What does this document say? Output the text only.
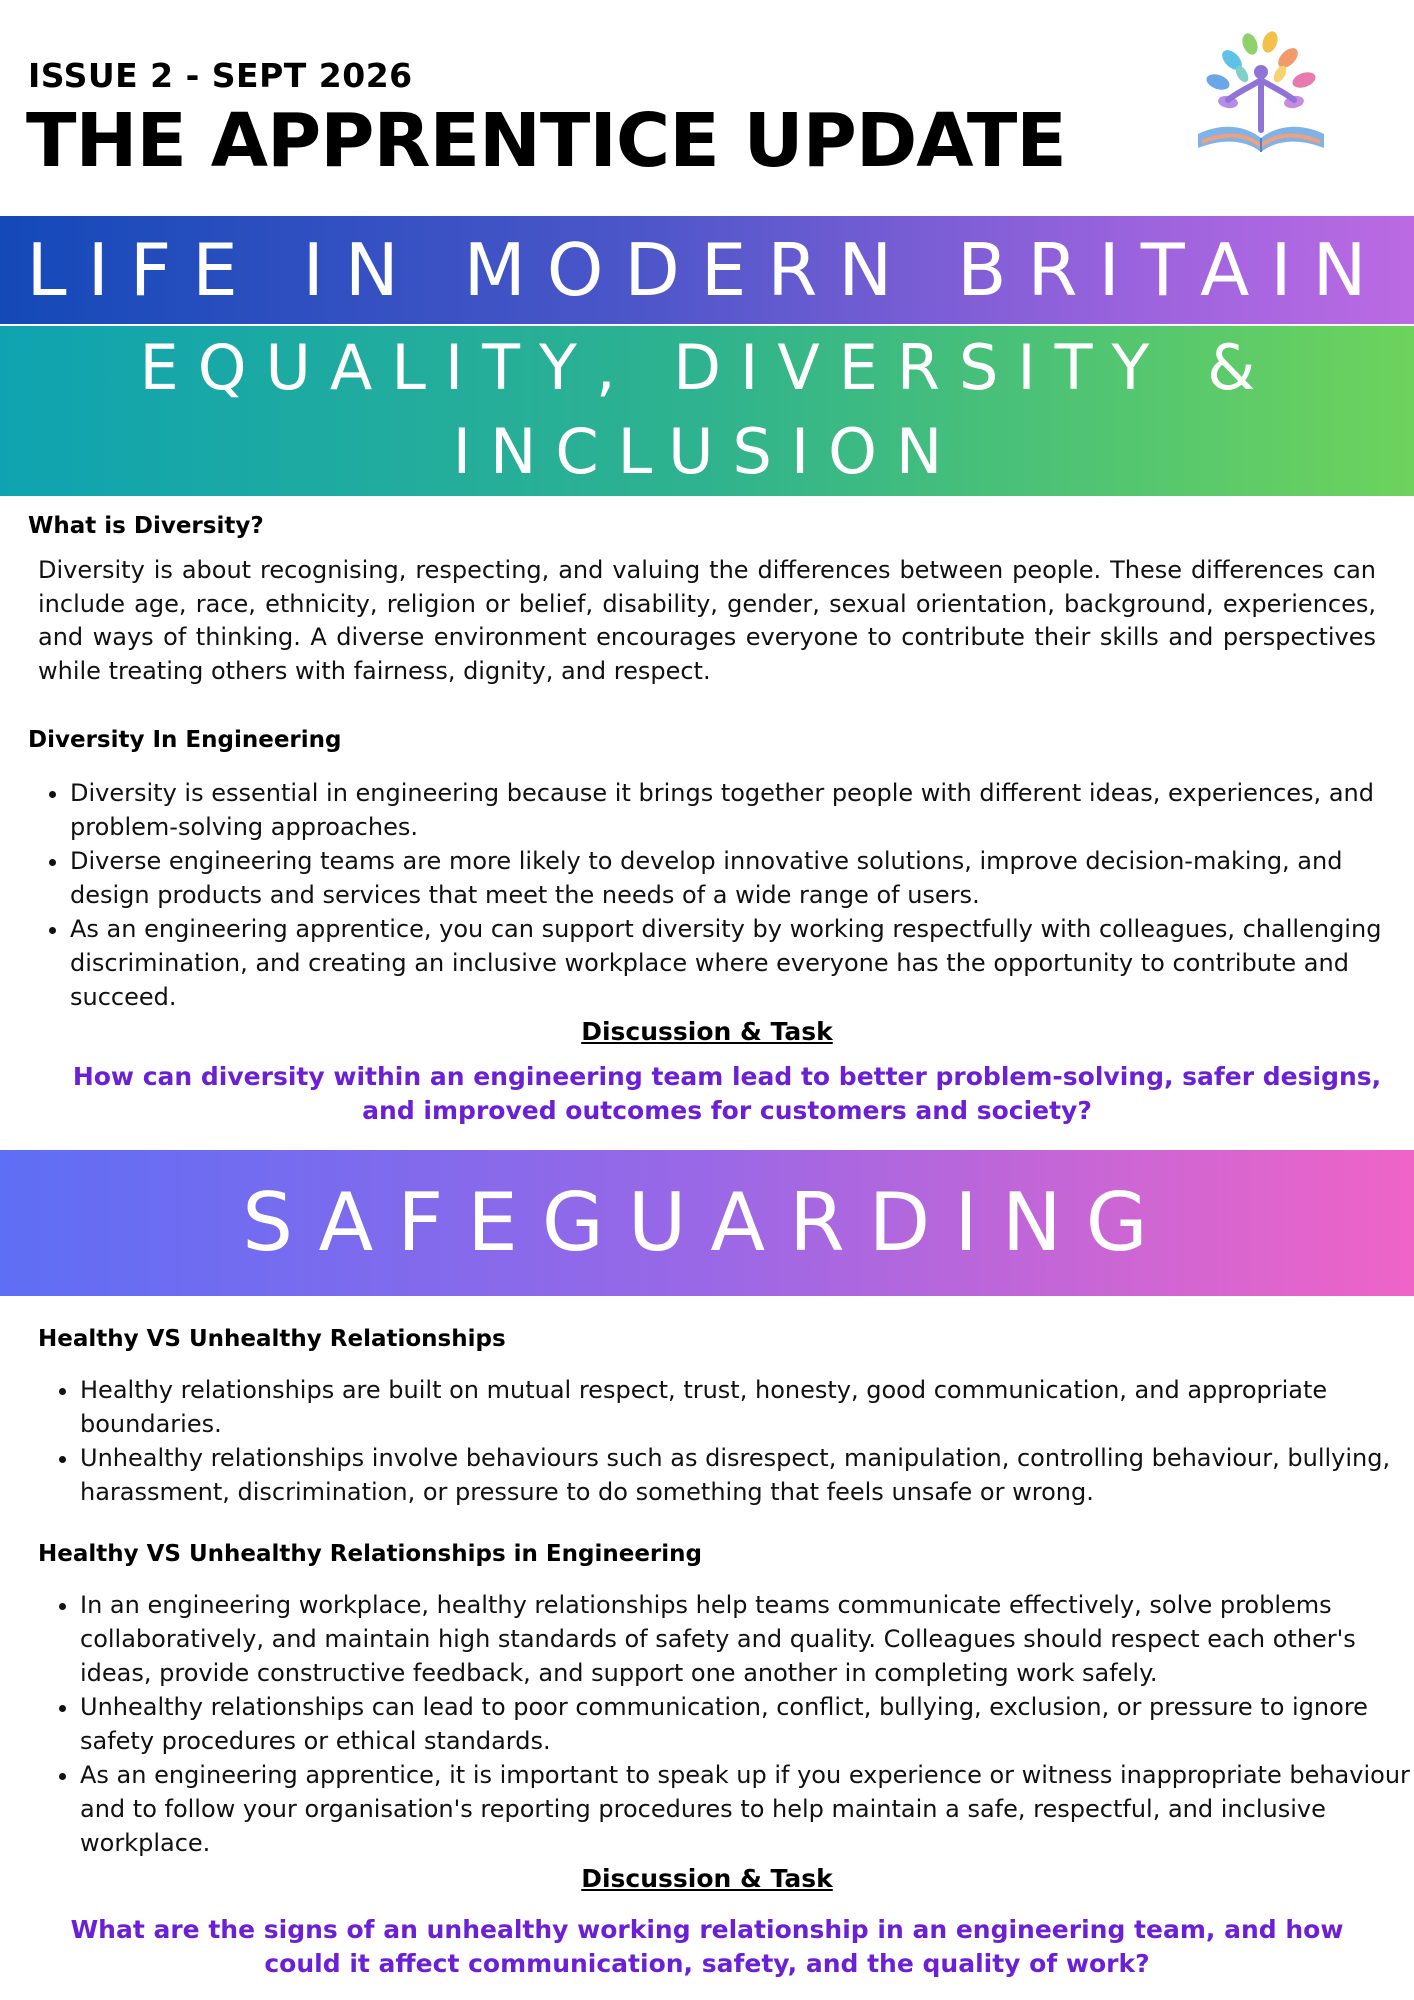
ISSUE 2 - SEPT 2026
THE APPRENTICE UPDATE
LIFE IN MODERN BRITAIN
EQUALITY, DIVERSITY &
INCLUSION
What is Diversity?
Diversity is about recognising, respecting, and valuing the differences between people. These differences can include age, race, ethnicity, religion or belief, disability, gender, sexual orientation, background, experiences, and ways of thinking. A diverse environment encourages everyone to contribute their skills and perspectives while treating others with fairness, dignity, and respect.
Diversity In Engineering
• Diversity is essential in engineering because it brings together people with different ideas, experiences, and problem-solving approaches.
• Diverse engineering teams are more likely to develop innovative solutions, improve decision-making, and design products and services that meet the needs of a wide range of users.
• As an engineering apprentice, you can support diversity by working respectfully with colleagues, challenging discrimination, and creating an inclusive workplace where everyone has the opportunity to contribute and succeed.
Discussion & Task
How can diversity within an engineering team lead to better problem-solving, safer designs, and improved outcomes for customers and society?
SAFEGUARDING
Healthy VS Unhealthy Relationships
• Healthy relationships are built on mutual respect, trust, honesty, good communication, and appropriate boundaries.
• Unhealthy relationships involve behaviours such as disrespect, manipulation, controlling behaviour, bullying, harassment, discrimination, or pressure to do something that feels unsafe or wrong.
Healthy VS Unhealthy Relationships in Engineering
• In an engineering workplace, healthy relationships help teams communicate effectively, solve problems collaboratively, and maintain high standards of safety and quality. Colleagues should respect each other's ideas, provide constructive feedback, and support one another in completing work safely.
• Unhealthy relationships can lead to poor communication, conflict, bullying, exclusion, or pressure to ignore safety procedures or ethical standards.
• As an engineering apprentice, it is important to speak up if you experience or witness inappropriate behaviour and to follow your organisation's reporting procedures to help maintain a safe, respectful, and inclusive workplace.
Discussion & Task
What are the signs of an unhealthy working relationship in an engineering team, and how could it affect communication, safety, and the quality of work?
